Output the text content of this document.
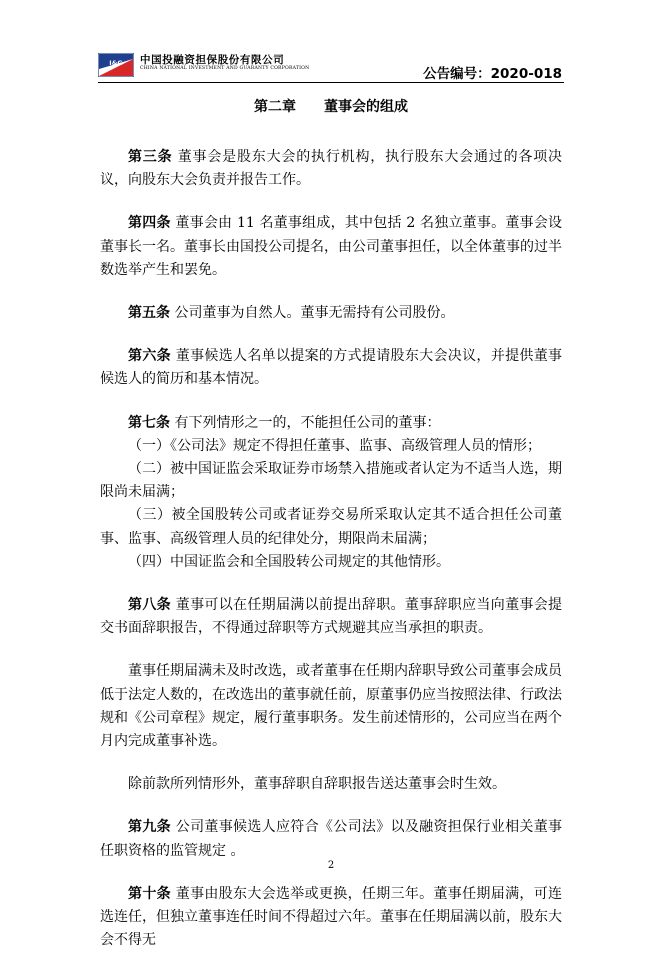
I&G 中国投融资担保股份有限公司
CHINA NATIONAL INVESTMENT AND GUARANTY CORPORATION	公告编号：2020-018
第二章　　董事会的组成

第三条 董事会是股东大会的执行机构，执行股东大会通过的各项决议，向股东大会负责并报告工作。

第四条 董事会由 11 名董事组成，其中包括 2 名独立董事。董事会设董事长一名。董事长由国投公司提名，由公司董事担任，以全体董事的过半数选举产生和罢免。

第五条 公司董事为自然人。董事无需持有公司股份。

第六条 董事候选人名单以提案的方式提请股东大会决议，并提供董事候选人的简历和基本情况。

第七条 有下列情形之一的，不能担任公司的董事：

（一）《公司法》规定不得担任董事、监事、高级管理人员的情形；

（二）被中国证监会采取证券市场禁入措施或者认定为不适当人选，期限尚未届满；

（三）被全国股转公司或者证券交易所采取认定其不适合担任公司董事、监事、高级管理人员的纪律处分，期限尚未届满；

（四）中国证监会和全国股转公司规定的其他情形。

第八条 董事可以在任期届满以前提出辞职。董事辞职应当向董事会提交书面辞职报告，不得通过辞职等方式规避其应当承担的职责。

董事任期届满未及时改选，或者董事在任期内辞职导致公司董事会成员低于法定人数的，在改选出的董事就任前，原董事仍应当按照法律、行政法规和《公司章程》规定，履行董事职务。发生前述情形的，公司应当在两个月内完成董事补选。

除前款所列情形外，董事辞职自辞职报告送达董事会时生效。

第九条 公司董事候选人应符合《公司法》以及融资担保行业相关董事任职资格的监管规定 。

第十条 董事由股东大会选举或更换，任期三年。董事任期届满，可连选连任，但独立董事连任时间不得超过六年。董事在任期届满以前，股东大会不得无

2
